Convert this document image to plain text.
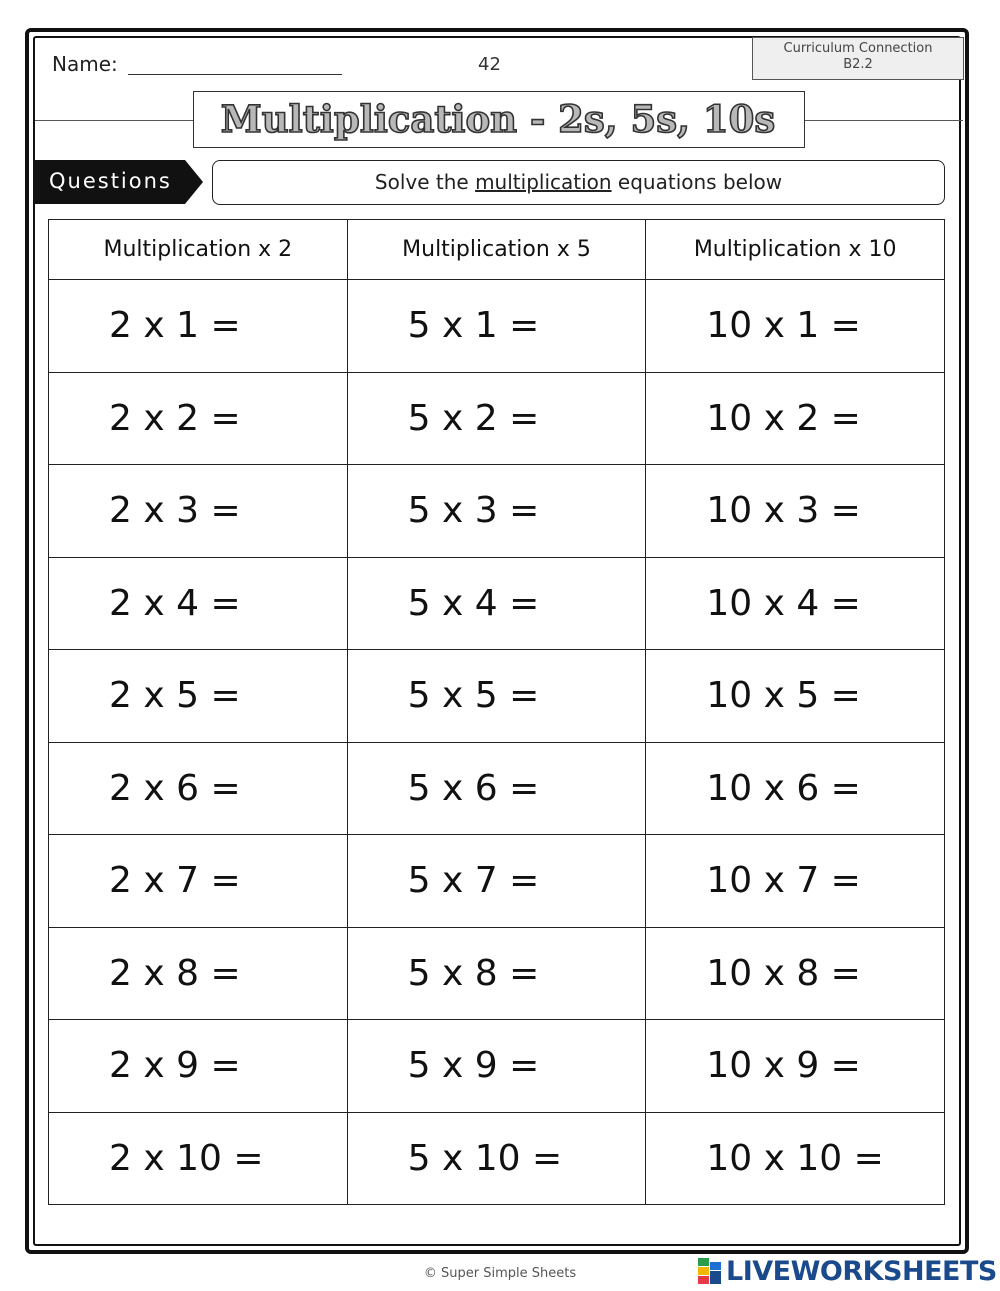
Name:	42
Curriculum Connection
B2.2
Multiplication - 2s, 5s, 10s
Questions	Solve the multiplication equations below
Multiplication x 2	Multiplication x 5	Multiplication x 10
2 x 1 =	5 x 1 =	10 x 1 =
2 x 2 =	5 x 2 =	10 x 2 =
2 x 3 =	5 x 3 =	10 x 3 =
2 x 4 =	5 x 4 =	10 x 4 =
2 x 5 =	5 x 5 =	10 x 5 =
2 x 6 =	5 x 6 =	10 x 6 =
2 x 7 =	5 x 7 =	10 x 7 =
2 x 8 =	5 x 8 =	10 x 8 =
2 x 9 =	5 x 9 =	10 x 9 =
2 x 10 =	5 x 10 =	10 x 10 =
© Super Simple Sheets	LIVEWORKSHEETS
